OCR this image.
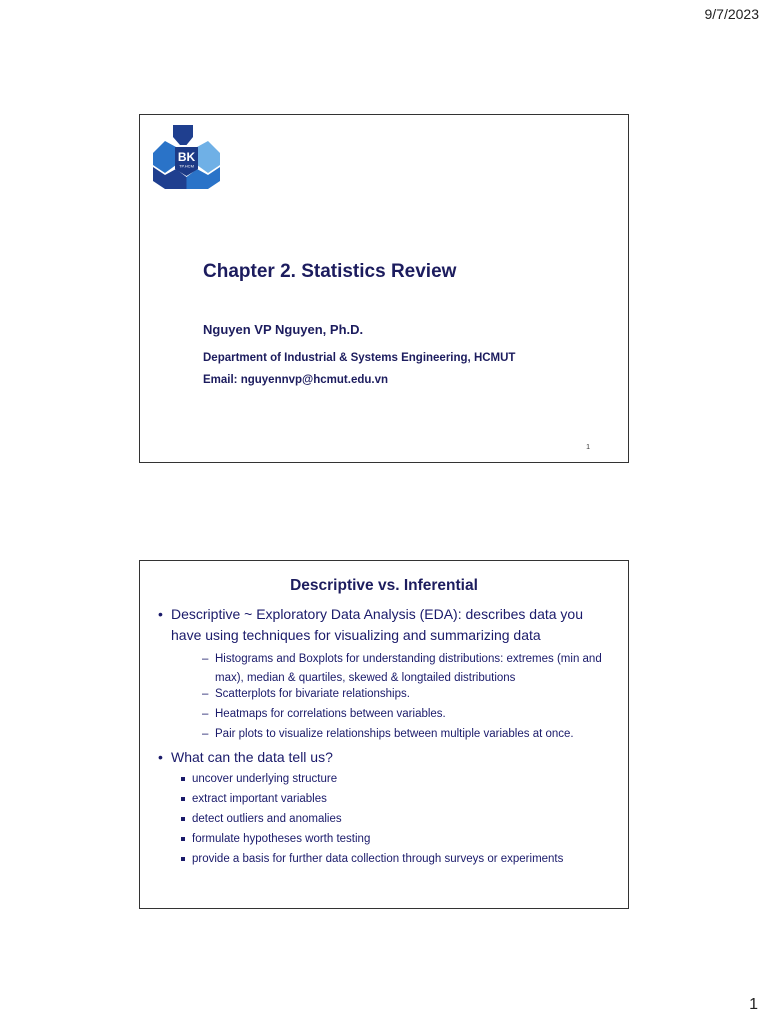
9/7/2023
BK
TP.HCM
Chapter 2. Statistics Review
Nguyen VP Nguyen, Ph.D.
Department of Industrial & Systems Engineering, HCMUT
Email: nguyennvp@hcmut.edu.vn
1
Descriptive vs. Inferential
• Descriptive ~ Exploratory Data Analysis (EDA): describes data you have using techniques for visualizing and summarizing data
– Histograms and Boxplots for understanding distributions: extremes (min and max), median & quartiles, skewed & longtailed distributions
– Scatterplots for bivariate relationships.
– Heatmaps for correlations between variables.
– Pair plots to visualize relationships between multiple variables at once.
• What can the data tell us?
uncover underlying structure
extract important variables
detect outliers and anomalies
formulate hypotheses worth testing
provide a basis for further data collection through surveys or experiments
1
